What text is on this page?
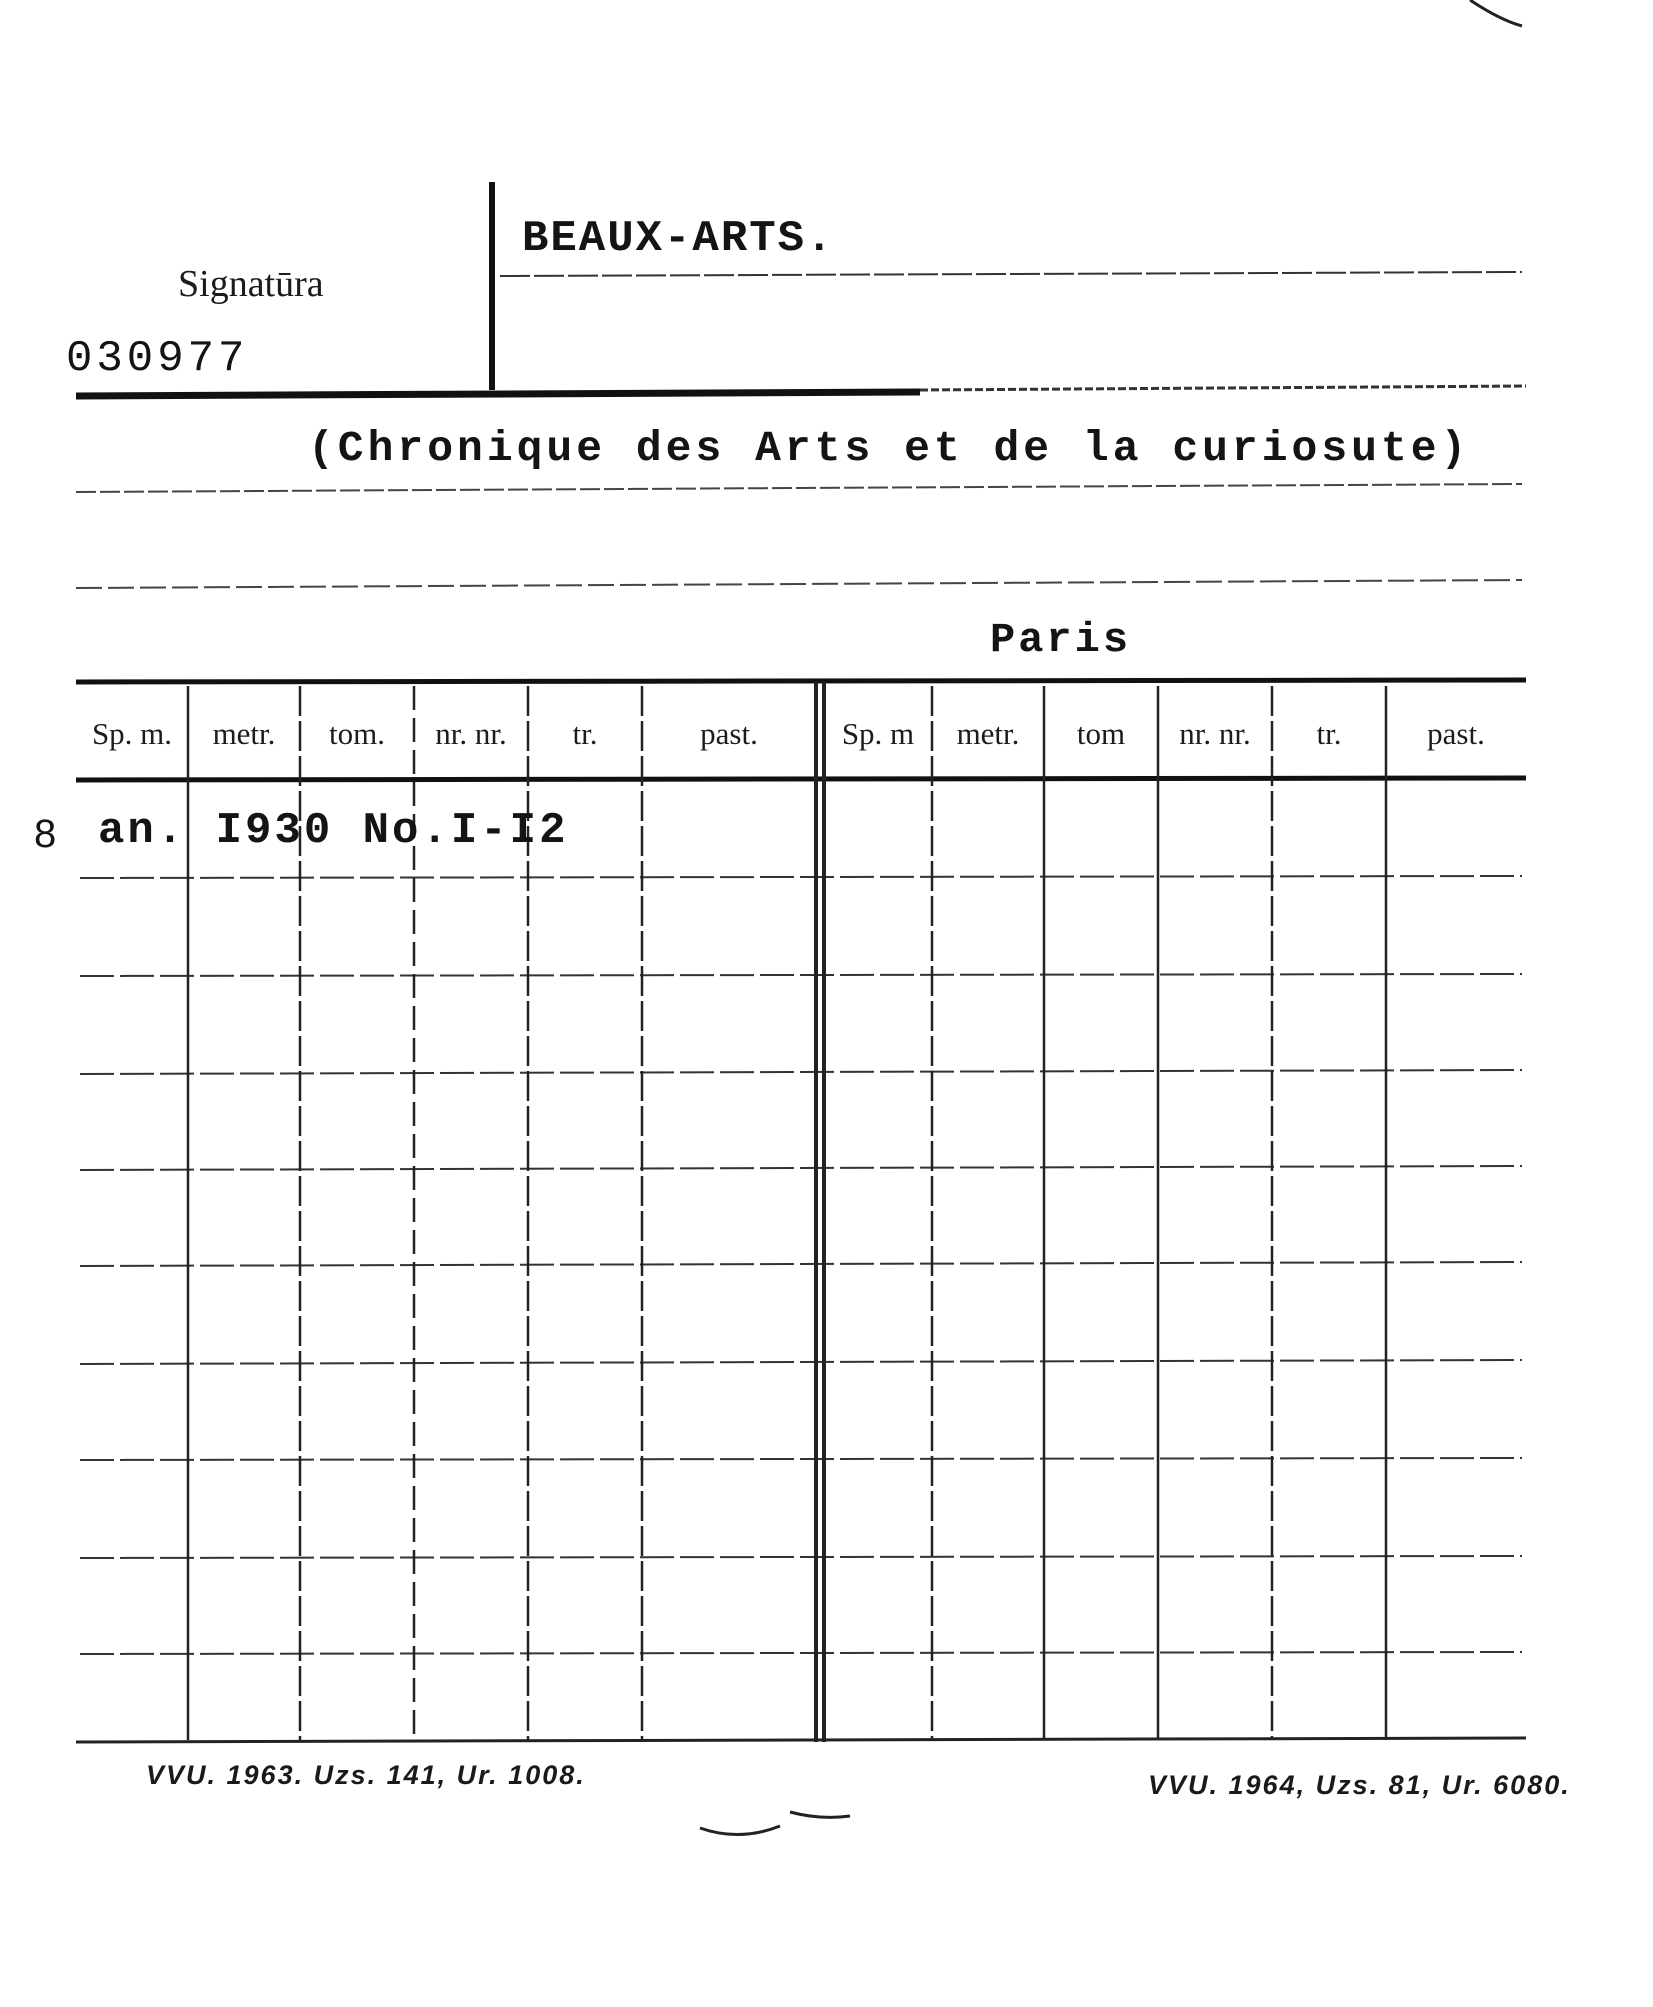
Signatūra
030977
BEAUX-ARTS.
(Chronique des Arts et de la curiosute)
Paris
Sp. m.	metr.	tom.	nr. nr.	tr.	past.	Sp. m	metr.	tom	nr. nr.	tr.	past.
8 an. I930 No.I-I2
VVU. 1963. Uzs. 141, Ur. 1008.	VVU. 1964, Uzs. 81, Ur. 6080.
